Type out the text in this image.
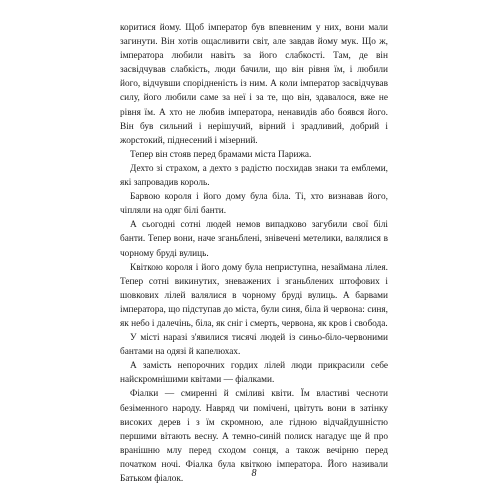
коритися йому. Щоб імператор був впевненим у них, вони мали загинути. Він хотів ощасливити світ, але завдав йому мук. Що ж, імператора любили навіть за його слабкості. Там, де він засвідчував слабкість, люди бачили, що він рівня їм, і любили його, відчувши спорідненість із ним. А коли імператор засвідчував силу, його любили саме за неї і за те, що він, здавалося, вже не рівня їм. А хто не любив імператора, ненавидів або боявся його. Він був сильний і нерішучий, вірний і зрадливий, добрий і жорстокий, піднесений і мізерний.

Тепер він стояв перед брамами міста Парижа.

Дехто зі страхом, а дехто з радістю посхидав знаки та емблеми, які запровадив король.

Барвою короля і його дому була біла. Ті, хто визнавав його, чіпляли на одяг білі банти.

А сьогодні сотні людей немов випадково загубили свої білі банти. Тепер вони, наче зганьблені, знівечені метелики, валялися в чорному бруді вулиць.

Квіткою короля і його дому була неприступна, незаймана лілея. Тепер сотні викинутих, зневажених і зганьблених штофових і шовкових лілей валялися в чорному бруді вулиць. А барвами імператора, що підступав до міста, були синя, біла й червона: синя, як небо і далечінь, біла, як сніг і смерть, червона, як кров і свобода.

У місті наразі з'явилися тисячі людей із синьо-біло-червоними бантами на одязі й капелюхах.

А замість непорочних гордих лілей люди прикрасили себе найскромнішими квітами — фіалками.

Фіалки — смиренні й сміливі квіти. Їм властиві чеснoти безіменного народу. Навряд чи помічені, цвітуть вони в затінку високих дерев і з їм скромною, але гідною відчайдушністю першими вітають весну. А темно-синій полиск нагадує ще й про вранішню млу перед сходом сонця, а також вечірню перед початком ночі. Фіалка була квіткою імператора. Його називали Батьком фіалок.	8
